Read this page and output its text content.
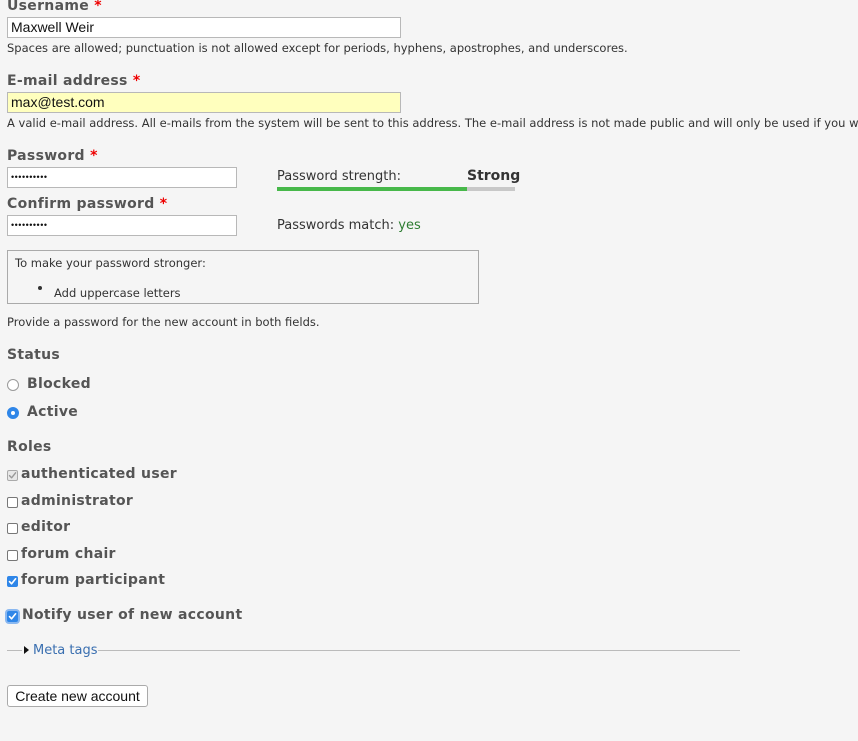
Username *
Maxwell Weir
Spaces are allowed; punctuation is not allowed except for periods, hyphens, apostrophes, and underscores.
E-mail address *
max@test.com
A valid e-mail address. All e-mails from the system will be sent to this address. The e-mail address is not made public and will only be used if you w
Password *
••••••••••	Password strength:	Strong
Confirm password *
••••••••••	Passwords match: yes
To make your password stronger:
Add uppercase letters
Provide a password for the new account in both fields.
Status
Blocked
Active
Roles
authenticated user
administrator
editor
forum chair
forum participant
Notify user of new account
Meta tags
Create new account
